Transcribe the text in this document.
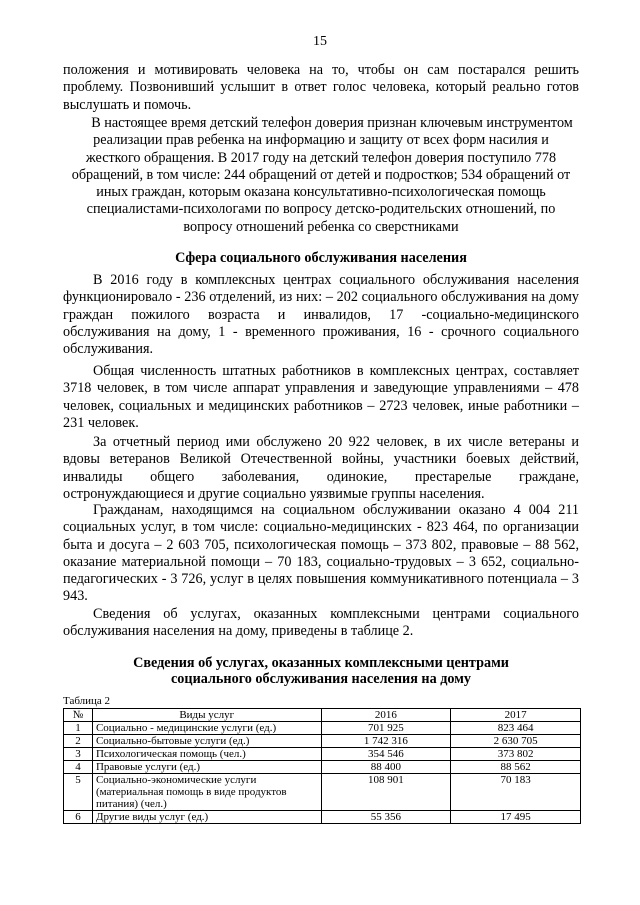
15

положения и мотивировать человека на то, чтобы он сам постарался решить проблему. Позвонивший услышит в ответ голос человека, который реально готов выслушать и помочь.

В настоящее время детский телефон доверия признан ключевым инструментом реализации прав ребенка на информацию и защиту от всех форм насилия и жесткого обращения. В 2017 году на детский телефон доверия поступило 778 обращений, в том числе: 244 обращений от детей и подростков; 534 обращений от иных граждан, которым оказана консультативно-психологическая помощь специалистами-психологами по вопросу детско-родительских отношений, по вопросу отношений ребенка со сверстниками

Сфера социального обслуживания населения

В 2016 году в комплексных центрах социального обслуживания населения функционировало - 236 отделений, из них: – 202 социального обслуживания на дому граждан пожилого возраста и инвалидов, 17 -социально-медицинского обслуживания на дому, 1 - временного проживания, 16 - срочного социального обслуживания.

Общая численность штатных работников в комплексных центрах, составляет 3718 человек, в том числе аппарат управления и заведующие управлениями – 478 человек, социальных и медицинских работников – 2723 человек, иные работники – 231 человек.

За отчетный период ими обслужено 20 922 человек, в их числе ветераны и вдовы ветеранов Великой Отечественной войны, участники боевых действий, инвалиды общего заболевания, одинокие, престарелые граждане, остронуждающиеся и другие социально уязвимые группы населения.

Гражданам, находящимся на социальном обслуживании оказано 4 004 211 социальных услуг, в том числе: социально-медицинских - 823 464, по организации быта и досуга – 2 603 705, психологическая помощь – 373 802, правовые – 88 562, оказание материальной помощи – 70 183, социально-трудовых – 3 652, социально-педагогических - 3 726, услуг в целях повышения коммуникативного потенциала – 3 943.

Сведения об услугах, оказанных комплексными центрами социального обслуживания населения на дому, приведены в таблице 2.

Сведения об услугах, оказанных комплексными центрами
социального обслуживания населения на дому
Таблица 2
№	Виды услуг	2016	2017
1	Социально - медицинские услуги (ед.)	701 925	823 464
2	Социально-бытовые услуги (ед.)	1 742 316	2 630 705
3	Психологическая помощь (чел.)	354 546	373 802
4	Правовые услуги (ед.)	88 400	88 562
5	Социально-экономические услуги (материальная помощь в виде продуктов питания) (чел.)	108 901	70 183
6	Другие виды услуг (ед.)	55 356	17 495
